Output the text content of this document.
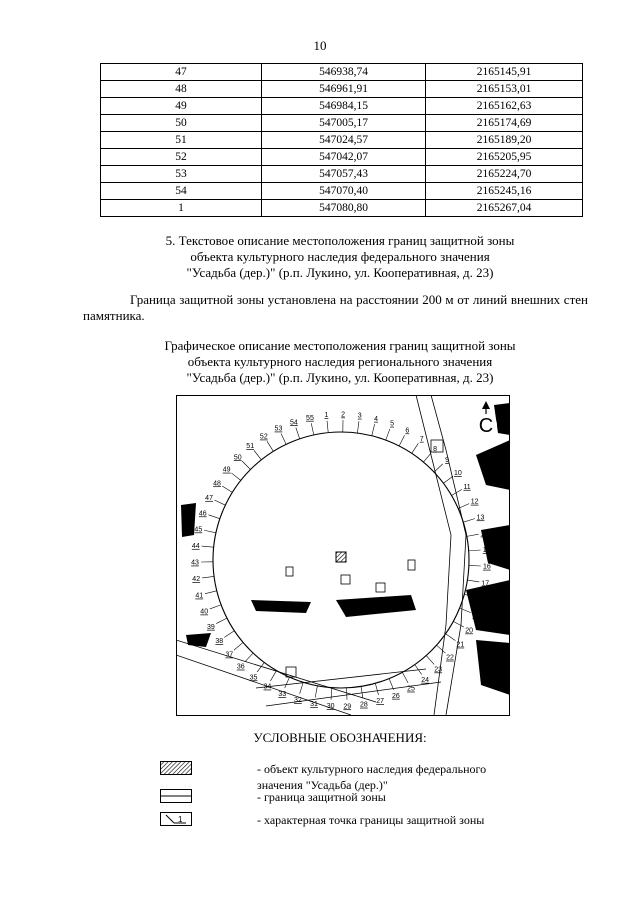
10
47	546938,74	2165145,91
48	546961,91	2165153,01
49	546984,15	2165162,63
50	547005,17	2165174,69
51	547024,57	2165189,20
52	547042,07	2165205,95
53	547057,43	2165224,70
54	547070,40	2165245,16
1	547080,80	2165267,04
5. Текстовое описание местоположения границ защитной зоны
объекта культурного наследия федерального значения
"Усадьба (дер.)" (р.п. Лукино, ул. Кооперативная, д. 23)
Граница защитной зоны установлена на расстоянии 200 м от линий внешних стен памятника.
Графическое описание местоположения границ защитной зоны
объекта культурного наследия регионального значения
"Усадьба (дер.)" (р.п. Лукино, ул. Кооперативная, д. 23)
1 2 3 4
5
6
7
8
9
10
11
12
13
14
15
16
17
18
19
20
21
22
23
24
25
26
27
28
29
30
31
32
33
34
35
36
37
38
39
40
41
42
43
44
45
46
47
48
49
50
51
52
53
54
55	С
УСЛОВНЫЕ ОБОЗНАЧЕНИЯ:
- объект культурного наследия федерального
значения "Усадьба (дер.)"
- граница защитной зоны
1	- характерная точка границы защитной зоны
